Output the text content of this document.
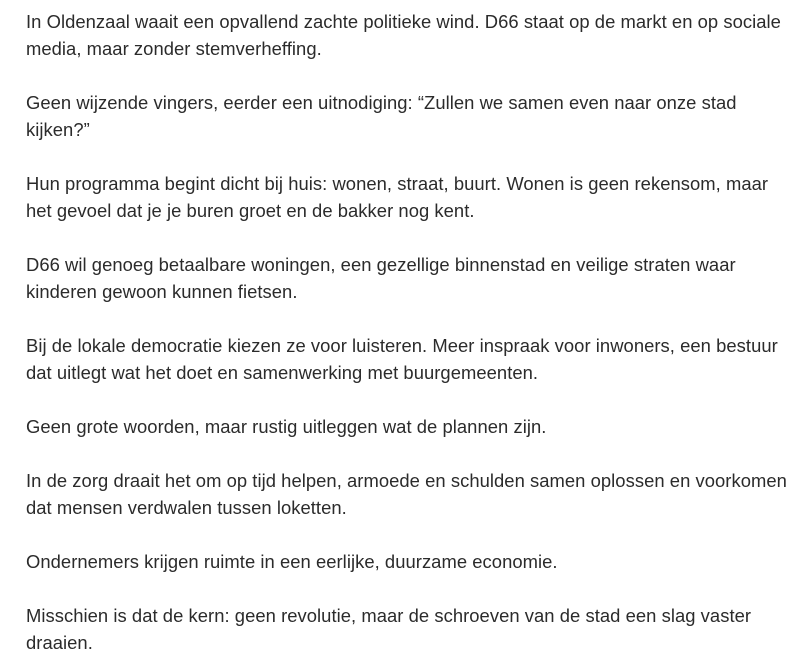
In Oldenzaal waait een opvallend zachte politieke wind. D66 staat op de markt en op sociale media, maar zonder stemverheffing.

Geen wijzende vingers, eerder een uitnodiging: “Zullen we samen even naar onze stad kijken?”

Hun programma begint dicht bij huis: wonen, straat, buurt. Wonen is geen rekensom, maar het gevoel dat je je buren groet en de bakker nog kent.

D66 wil genoeg betaalbare woningen, een gezellige binnenstad en veilige straten waar kinderen gewoon kunnen fietsen.

Bij de lokale democratie kiezen ze voor luisteren. Meer inspraak voor inwoners, een bestuur dat uitlegt wat het doet en samenwerking met buurgemeenten.

Geen grote woorden, maar rustig uitleggen wat de plannen zijn.

In de zorg draait het om op tijd helpen, armoede en schulden samen oplossen en voorkomen dat mensen verdwalen tussen loketten.

Ondernemers krijgen ruimte in een eerlijke, duurzame economie.

Misschien is dat de kern: geen revolutie, maar de schroeven van de stad een slag vaster draaien.
